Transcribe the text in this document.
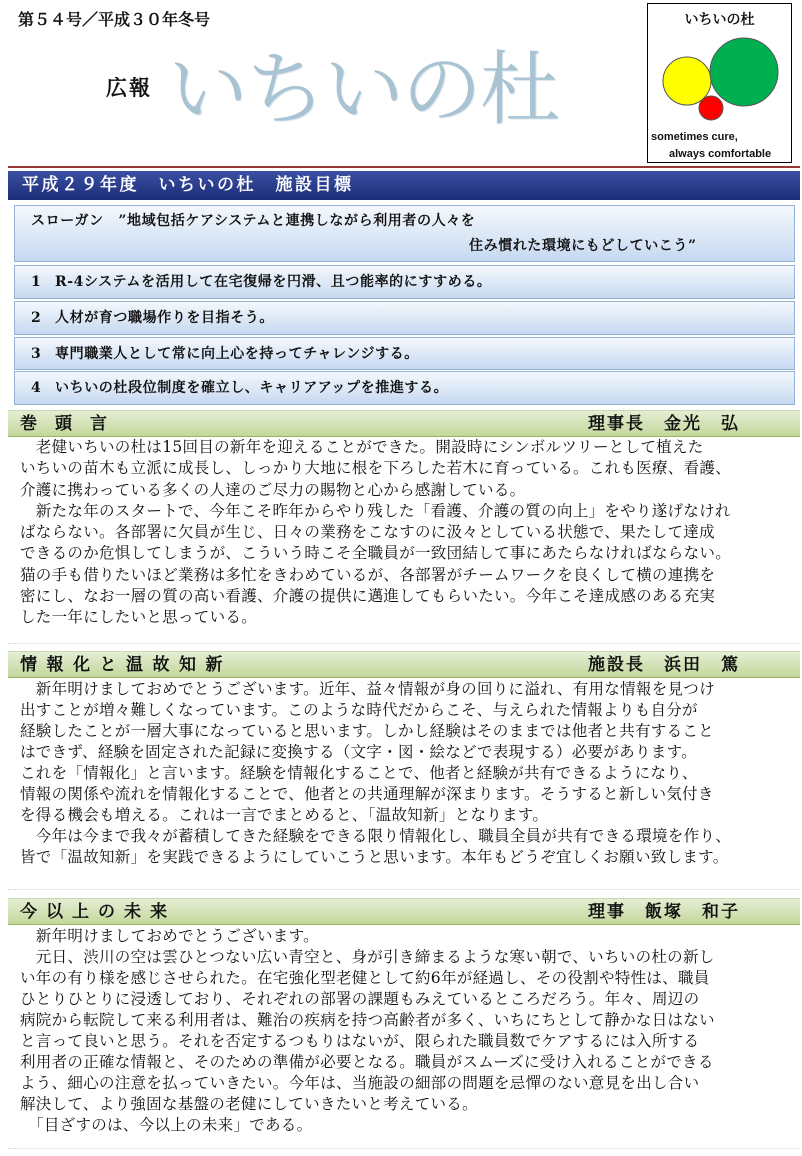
第５４号／平成３０年冬号
広報 いちいの杜
いちいの杜
sometimes cure,
always comfortable
平成２９年度　いちいの杜　施設目標
スローガン　”地域包括ケアシステムと連携しながら利用者の人々を
住み慣れた環境にもどしていこう”
1 R-4システムを活用して在宅復帰を円滑、且つ能率的にすすめる。
2 人材が育つ職場作りを目指そう。
3 専門職業人として常に向上心を持ってチャレンジする。
4 いちいの杜段位制度を確立し、キャリアアップを推進する。
巻頭言	理事長　金光　弘
　老健いちいの杜は15回目の新年を迎えることができた。開設時にシンボルツリーとして植えた
いちいの苗木も立派に成長し、しっかり大地に根を下ろした若木に育っている。これも医療、看護、
介護に携わっている多くの人達のご尽力の賜物と心から感謝している。
　新たな年のスタートで、今年こそ昨年からやり残した「看護、介護の質の向上」をやり遂げなけれ
ばならない。各部署に欠員が生じ、日々の業務をこなすのに汲々としている状態で、果たして達成
できるのか危惧してしまうが、こういう時こそ全職員が一致団結して事にあたらなければならない。
猫の手も借りたいほど業務は多忙をきわめているが、各部署がチームワークを良くして横の連携を
密にし、なお一層の質の高い看護、介護の提供に邁進してもらいたい。今年こそ達成感のある充実
した一年にしたいと思っている。
情報化と温故知新	施設長　浜田　篤
　新年明けましておめでとうございます。近年、益々情報が身の回りに溢れ、有用な情報を見つけ
出すことが増々難しくなっています。このような時代だからこそ、与えられた情報よりも自分が
経験したことが一層大事になっていると思います。しかし経験はそのままでは他者と共有すること
はできず、経験を固定された記録に変換する（文字・図・絵などで表現する）必要があります。
これを「情報化」と言います。経験を情報化することで、他者と経験が共有できるようになり、
情報の関係や流れを情報化することで、他者との共通理解が深まります。そうすると新しい気付き
を得る機会も増える。これは一言でまとめると、「温故知新」となります。
　今年は今まで我々が蓄積してきた経験をできる限り情報化し、職員全員が共有できる環境を作り、
皆で「温故知新」を実践できるようにしていこうと思います。本年もどうぞ宜しくお願い致します。
今以上の未来	理事　飯塚　和子
　新年明けましておめでとうございます。
　元日、渋川の空は雲ひとつない広い青空と、身が引き締まるような寒い朝で、いちいの杜の新し
い年の有り様を感じさせられた。在宅強化型老健として約6年が経過し、その役割や特性は、職員
ひとりひとりに浸透しており、それぞれの部署の課題もみえているところだろう。年々、周辺の
病院から転院して来る利用者は、難治の疾病を持つ高齢者が多く、いちにちとして静かな日はない
と言って良いと思う。それを否定するつもりはないが、限られた職員数でケアするには入所する
利用者の正確な情報と、そのための準備が必要となる。職員がスムーズに受け入れることができる
よう、細心の注意を払っていきたい。今年は、当施設の細部の問題を忌憚のない意見を出し合い
解決して、より強固な基盤の老健にしていきたいと考えている。
　「目ざすのは、今以上の未来」である。
